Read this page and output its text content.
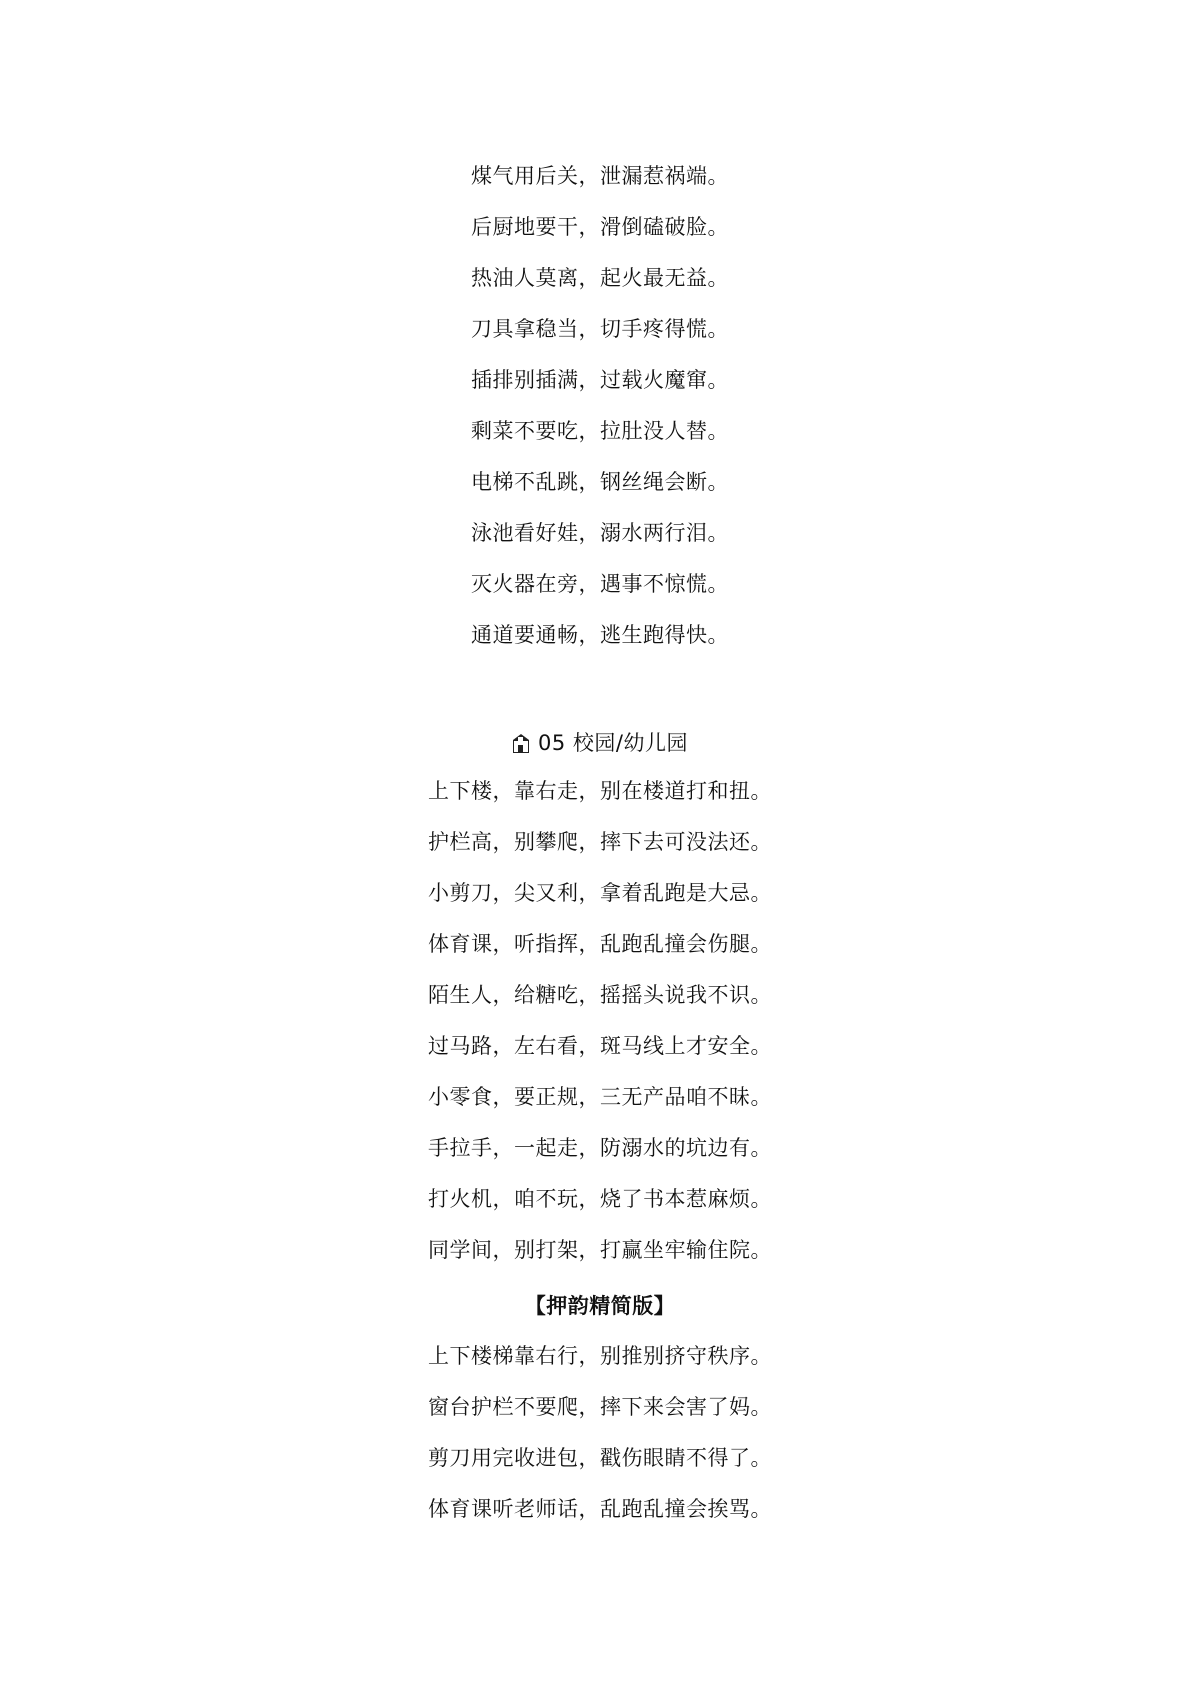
煤气用后关，泄漏惹祸端。
后厨地要干，滑倒磕破脸。
热油人莫离，起火最无益。
刀具拿稳当，切手疼得慌。
插排别插满，过载火魔窜。
剩菜不要吃，拉肚没人替。
电梯不乱跳，钢丝绳会断。
泳池看好娃，溺水两行泪。
灭火器在旁，遇事不惊慌。
通道要通畅，逃生跑得快。
05 校园/幼儿园
上下楼，靠右走，别在楼道打和扭。
护栏高，别攀爬，摔下去可没法还。
小剪刀，尖又利，拿着乱跑是大忌。
体育课，听指挥，乱跑乱撞会伤腿。
陌生人，给糖吃，摇摇头说我不识。
过马路，左右看，斑马线上才安全。
小零食，要正规，三无产品咱不昧。
手拉手，一起走，防溺水的坑边有。
打火机，咱不玩，烧了书本惹麻烦。
同学间，别打架，打赢坐牢输住院。
【押韵精简版】
上下楼梯靠右行，别推别挤守秩序。
窗台护栏不要爬，摔下来会害了妈。
剪刀用完收进包，戳伤眼睛不得了。
体育课听老师话，乱跑乱撞会挨骂。
